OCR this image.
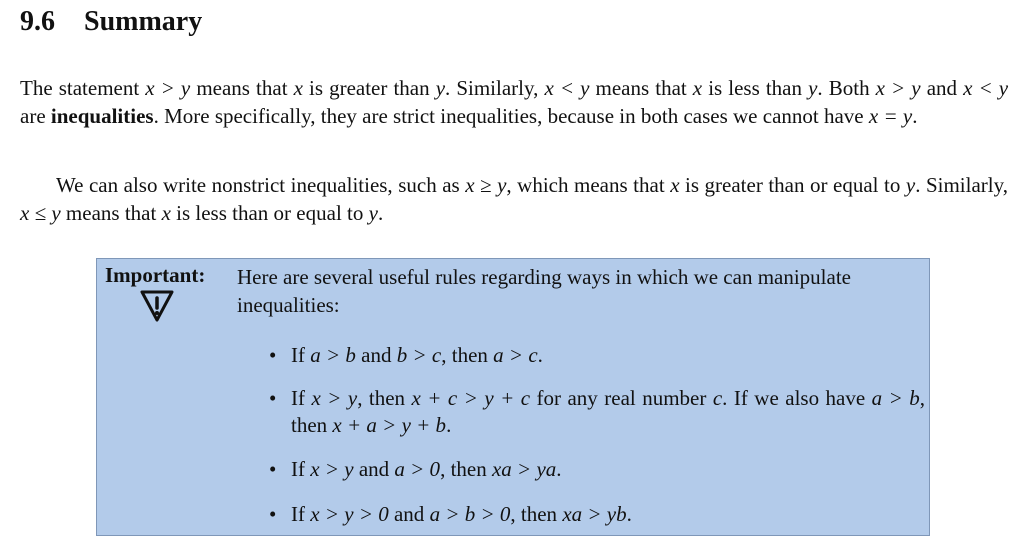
9.6 Summary

The statement x > y means that x is greater than y. Similarly, x < y means that x is less than y. Both x > y and x < y are inequalities. More specifically, they are strict inequalities, because in both cases we cannot have x = y.

We can also write nonstrict inequalities, such as x ≥ y, which means that x is greater than or equal to y. Similarly, x ≤ y means that x is less than or equal to y.

Important: Here are several useful rules regarding ways in which we can manipulate inequalities:
• If a > b and b > c, then a > c.
• If x > y, then x + c > y + c for any real number c. If we also have a > b, then x + a > y + b.
• If x > y and a > 0, then xa > ya.
• If x > y > 0 and a > b > 0, then xa > yb.
